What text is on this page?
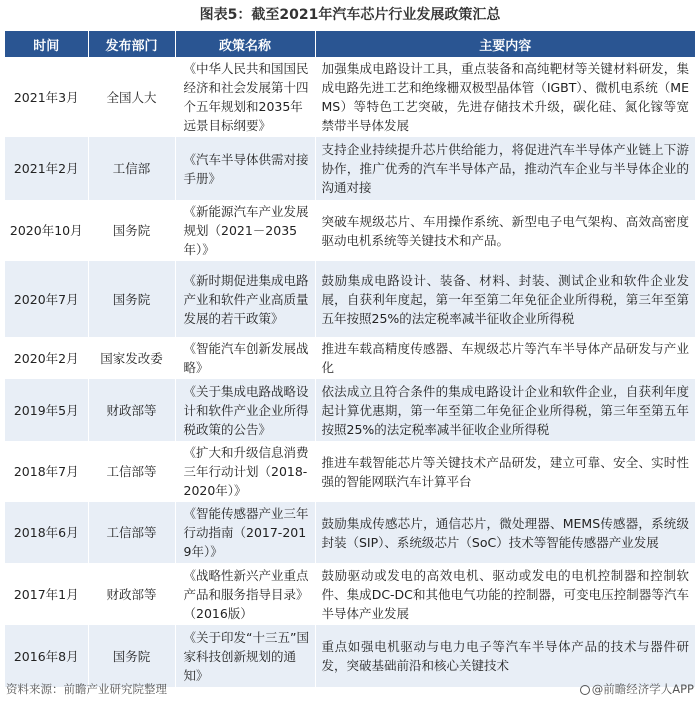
图表5：截至2021年汽车芯片行业发展政策汇总
时间	发布部门	政策名称	主要内容
2021年3月	全国人大	《中华人民共和国国民经济和社会发展第十四个五年规划和2035年远景目标纲要》	加强集成电路设计工具，重点装备和高纯靶材等关键材料研发，集成电路先进工艺和绝缘栅双极型晶体管（IGBT）、微机电系统（MEMS）等特色工艺突破，先进存储技术升级，碳化硅、氮化镓等宽禁带半导体发展
2021年2月	工信部	《汽车半导体供需对接手册》	支持企业持续提升芯片供给能力，将促进汽车半导体产业链上下游协作，推广优秀的汽车半导体产品，推动汽车企业与半导体企业的沟通对接
2020年10月	国务院	《新能源汽车产业发展规划（2021－2035年）》	突破车规级芯片、车用操作系统、新型电子电气架构、高效高密度驱动电机系统等关键技术和产品。
2020年7月	国务院	《新时期促进集成电路产业和软件产业高质量发展的若干政策》	鼓励集成电路设计、装备、材料、封装、测试企业和软件企业发展，自获利年度起，第一年至第二年免征企业所得税，第三年至第五年按照25%的法定税率减半征收企业所得税
2020年2月	国家发改委	《智能汽车创新发展战略》	推进车载高精度传感器、车规级芯片等汽车半导体产品研发与产业化
2019年5月	财政部等	《关于集成电路战略设计和软件产业企业所得税政策的公告》	依法成立且符合条件的集成电路设计企业和软件企业，自获利年度起计算优惠期，第一年至第二年免征企业所得税，第三年至第五年按照25%的法定税率减半征收企业所得税
2018年7月	工信部等	《扩大和升级信息消费三年行动计划（2018-2020年）》	推进车载智能芯片等关键技术产品研发，建立可靠、安全、实时性强的智能网联汽车计算平台
2018年6月	工信部等	《智能传感器产业三年行动指南（2017-2019年）》	鼓励集成传感芯片，通信芯片，微处理器、MEMS传感器，系统级封装（SIP）、系统级芯片（SoC）技术等智能传感器产业发展
2017年1月	财政部等	《战略性新兴产业重点产品和服务指导目录》（2016版）	鼓励驱动或发电的高效电机、驱动或发电的电机控制器和控制软件、集成DC-DC和其他电气功能的控制器，可变电压控制器等汽车半导体产业发展
2016年8月	国务院	《关于印发“十三五”国家科技创新规划的通知》	重点如强电机驱动与电力电子等汽车半导体产品的技术与器件研发，突破基础前沿和核心关键技术
资料来源：前瞻产业研究院整理	@前瞻经济学人APP
